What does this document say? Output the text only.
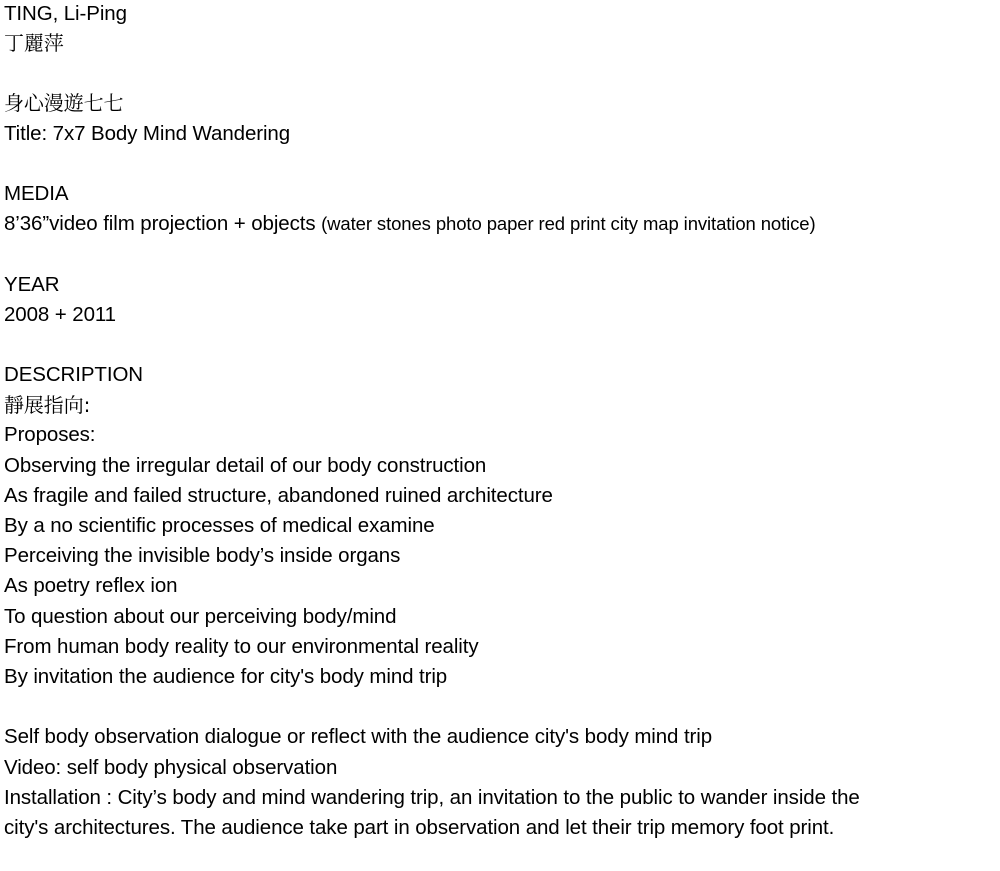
TING, Li-Ping
丁麗萍
身心漫遊七七
Title: 7x7 Body Mind Wandering
MEDIA
8’36”video film projection + objects (water stones photo paper red print city map invitation notice)
YEAR
2008 + 2011
DESCRIPTION
靜展指向:
Proposes:
Observing the irregular detail of our body construction
As fragile and failed structure, abandoned ruined architecture
By a no scientific processes of medical examine
Perceiving the invisible body’s inside organs
As poetry reflex ion
To question about our perceiving body/mind
From human body reality to our environmental reality
By invitation the audience for city's body mind trip
Self body observation dialogue or reflect with the audience city's body mind trip
Video: self body physical observation
Installation : City’s body and mind wandering trip, an invitation to the public to wander inside the
city's architectures. The audience take part in observation and let their trip memory foot print.
